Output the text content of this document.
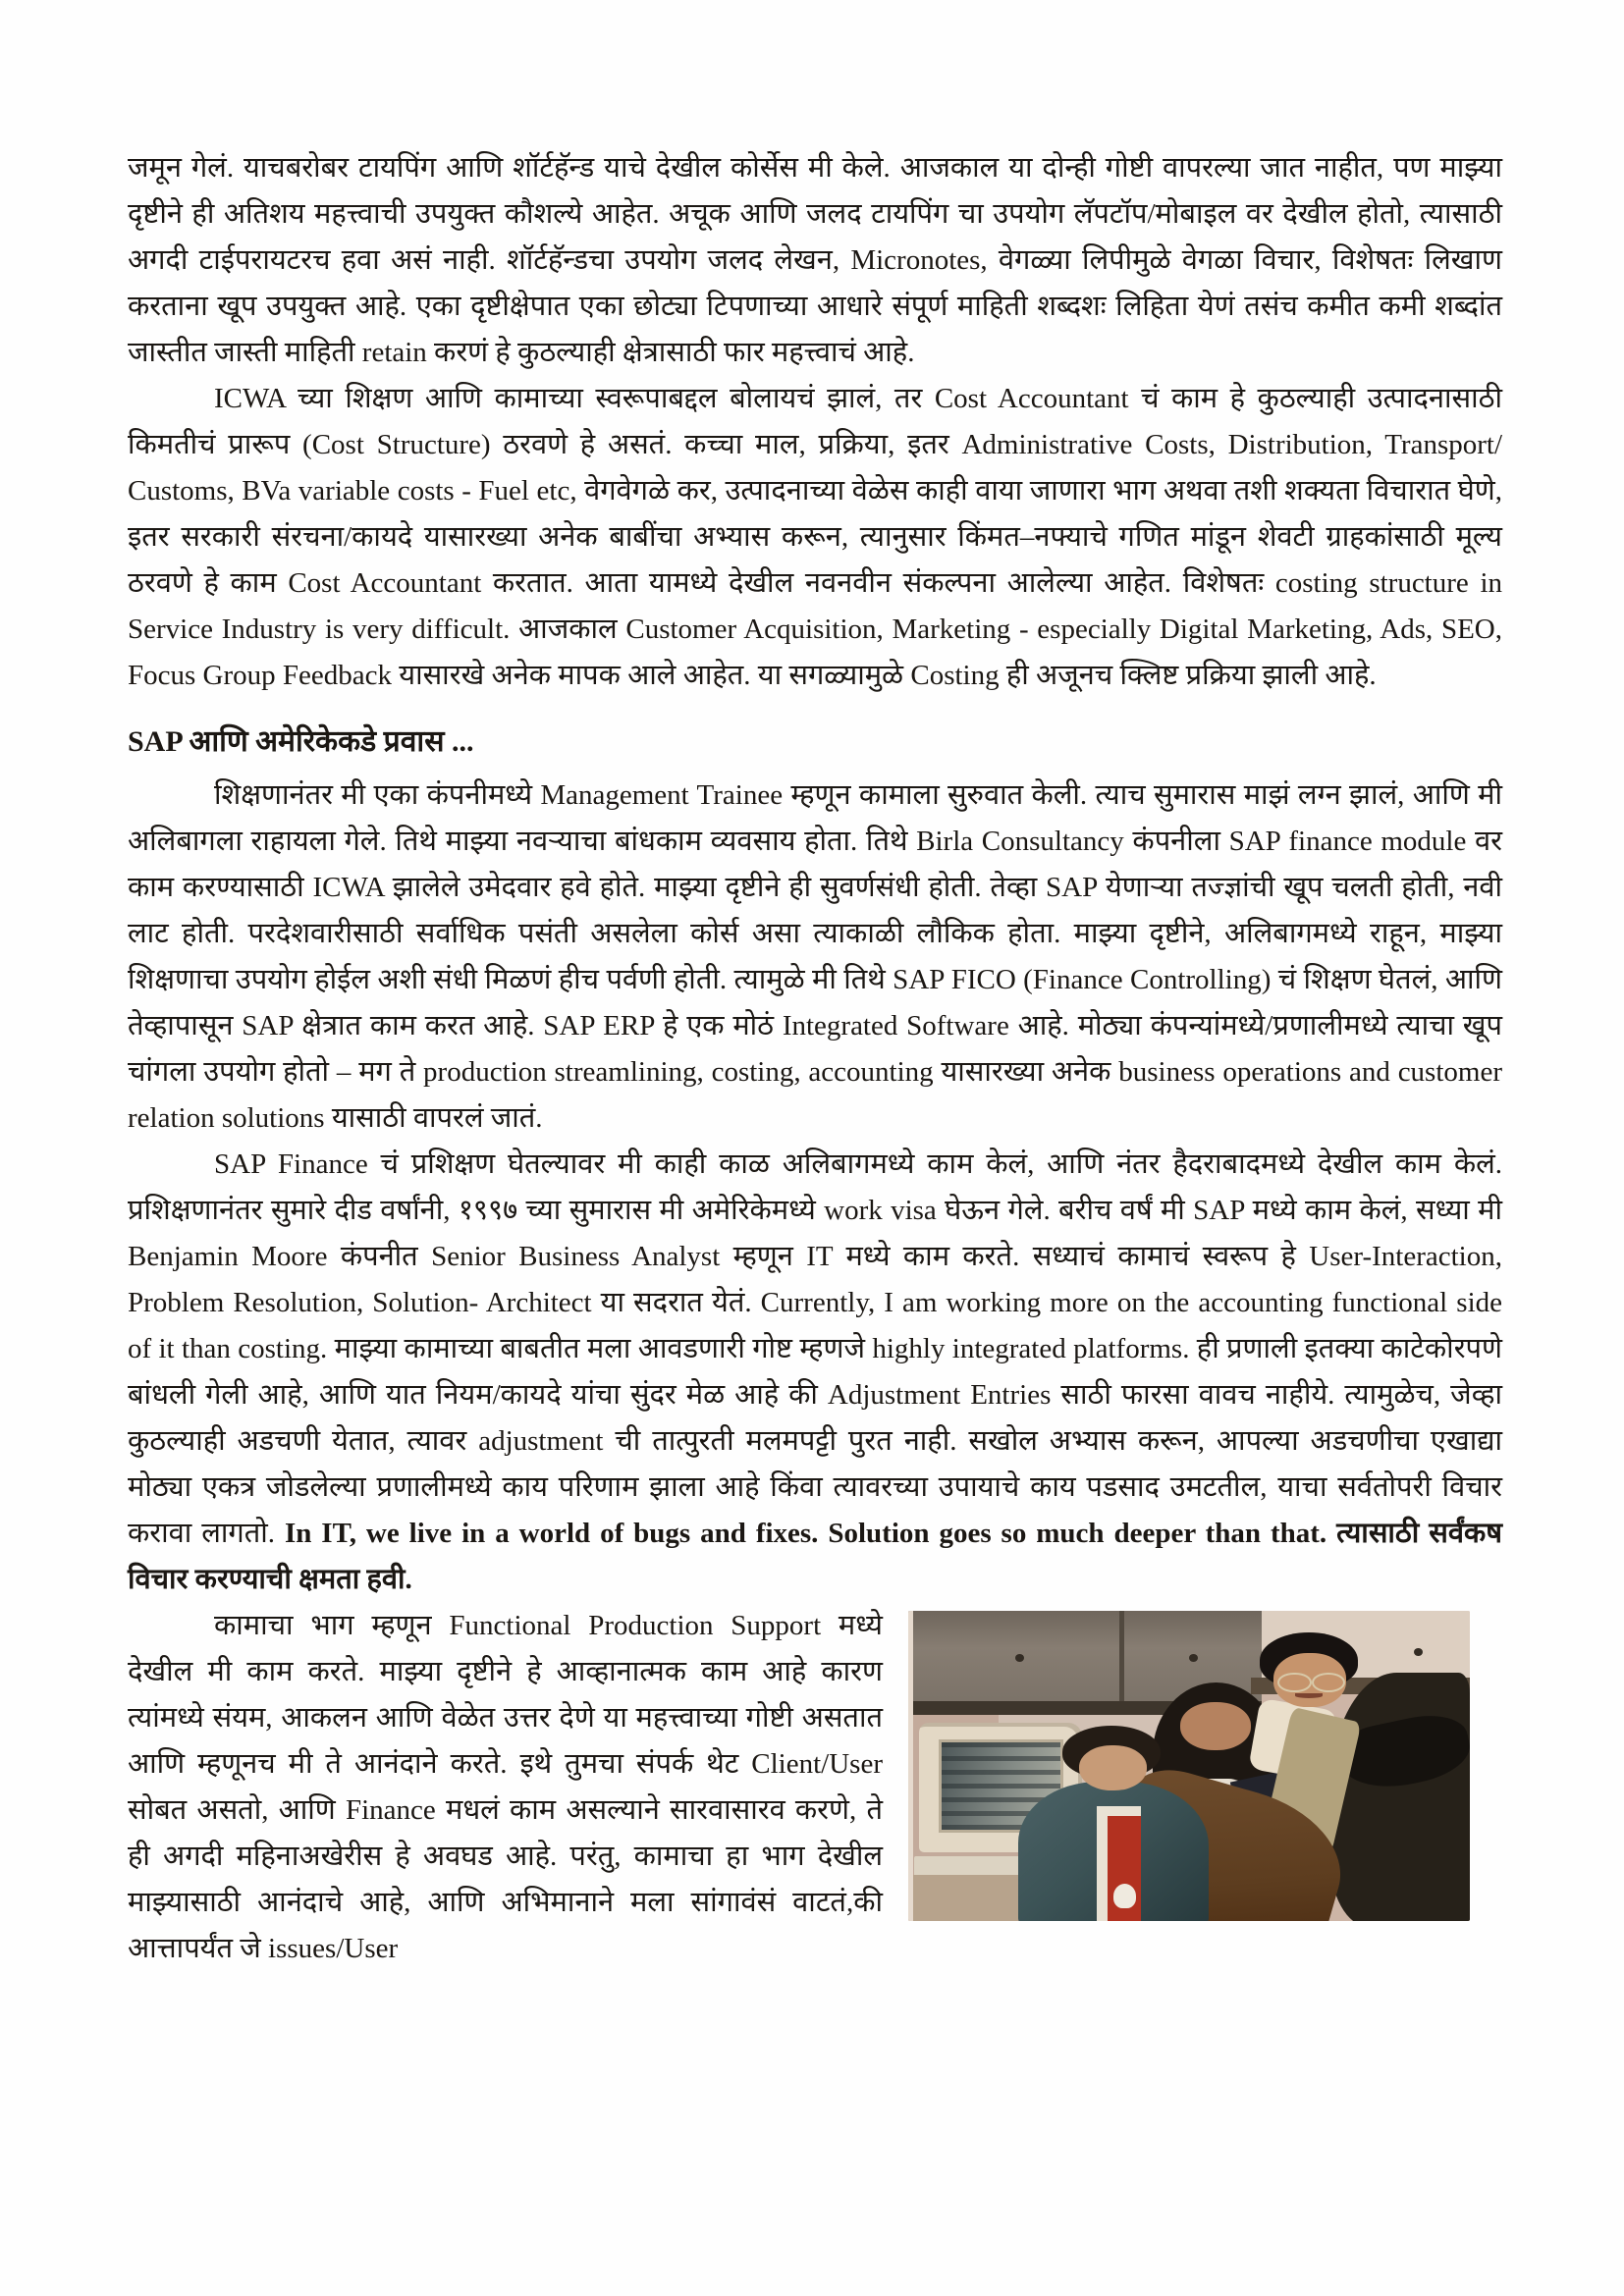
जमून गेलं. याचबरोबर टायपिंग आणि शॉर्टहॅन्ड याचे देखील कोर्सेस मी केले. आजकाल या दोन्ही गोष्टी वापरल्या जात नाहीत, पण माझ्या दृष्टीने ही अतिशय महत्त्वाची उपयुक्त कौशल्ये आहेत. अचूक आणि जलद टायपिंग चा उपयोग लॅपटॉप/मोबाइल वर देखील होतो, त्यासाठी अगदी टाईपरायटरच हवा असं नाही. शॉर्टहॅन्डचा उपयोग जलद लेखन, Micronotes, वेगळ्या लिपीमुळे वेगळा विचार, विशेषतः लिखाण करताना खूप उपयुक्त आहे. एका दृष्टीक्षेपात एका छोट्या टिपणाच्या आधारे संपूर्ण माहिती शब्दशः लिहिता येणं तसंच कमीत कमी शब्दांत जास्तीत जास्ती माहिती retain करणं हे कुठल्याही क्षेत्रासाठी फार महत्त्वाचं आहे.

ICWA च्या शिक्षण आणि कामाच्या स्वरूपाबद्दल बोलायचं झालं, तर Cost Accountant चं काम हे कुठल्याही उत्पादनासाठी किमतीचं प्रारूप (Cost Structure) ठरवणे हे असतं. कच्चा माल, प्रक्रिया, इतर Administrative Costs, Distribution, Transport/ Customs, BVa variable costs - Fuel etc, वेगवेगळे कर, उत्पादनाच्या वेळेस काही वाया जाणारा भाग अथवा तशी शक्यता विचारात घेणे, इतर सरकारी संरचना/कायदे यासारख्या अनेक बाबींचा अभ्यास करून, त्यानुसार किंमत–नफ्याचे गणित मांडून शेवटी ग्राहकांसाठी मूल्य ठरवणे हे काम Cost Accountant करतात. आता यामध्ये देखील नवनवीन संकल्पना आलेल्या आहेत. विशेषतः costing structure in Service Industry is very difficult. आजकाल Customer Acquisition, Marketing - especially Digital Marketing, Ads, SEO, Focus Group Feedback यासारखे अनेक मापक आले आहेत. या सगळ्यामुळे Costing ही अजूनच क्लिष्ट प्रक्रिया झाली आहे.

SAP आणि अमेरिकेकडे प्रवास ...

शिक्षणानंतर मी एका कंपनीमध्ये Management Trainee म्हणून कामाला सुरुवात केली. त्याच सुमारास माझं लग्न झालं, आणि मी अलिबागला राहायला गेले. तिथे माझ्या नवऱ्याचा बांधकाम व्यवसाय होता. तिथे Birla Consultancy कंपनीला SAP finance module वर काम करण्यासाठी ICWA झालेले उमेदवार हवे होते. माझ्या दृष्टीने ही सुवर्णसंधी होती. तेव्हा SAP येणाऱ्या तज्ज्ञांची खूप चलती होती, नवी लाट होती. परदेशवारीसाठी सर्वाधिक पसंती असलेला कोर्स असा त्याकाळी लौकिक होता. माझ्या दृष्टीने, अलिबागमध्ये राहून, माझ्या शिक्षणाचा उपयोग होईल अशी संधी मिळणं हीच पर्वणी होती. त्यामुळे मी तिथे SAP FICO (Finance Controlling) चं शिक्षण घेतलं, आणि तेव्हापासून SAP क्षेत्रात काम करत आहे. SAP ERP हे एक मोठं Integrated Software आहे. मोठ्या कंपन्यांमध्ये/प्रणालीमध्ये त्याचा खूप चांगला उपयोग होतो – मग ते production streamlining, costing, accounting यासारख्या अनेक business operations and customer relation solutions यासाठी वापरलं जातं.

SAP Finance चं प्रशिक्षण घेतल्यावर मी काही काळ अलिबागमध्ये काम केलं, आणि नंतर हैदराबादमध्ये देखील काम केलं. प्रशिक्षणानंतर सुमारे दीड वर्षांनी, १९९७ च्या सुमारास मी अमेरिकेमध्ये work visa घेऊन गेले. बरीच वर्षं मी SAP मध्ये काम केलं, सध्या मी Benjamin Moore कंपनीत Senior Business Analyst म्हणून IT मध्ये काम करते. सध्याचं कामाचं स्वरूप हे User-Interaction, Problem Resolution, Solution- Architect या सदरात येतं. Currently, I am working more on the accounting functional side of it than costing. माझ्या कामाच्या बाबतीत मला आवडणारी गोष्ट म्हणजे highly integrated platforms. ही प्रणाली इतक्या काटेकोरपणे बांधली गेली आहे, आणि यात नियम/कायदे यांचा सुंदर मेळ आहे की Adjustment Entries साठी फारसा वावच नाहीये. त्यामुळेच, जेव्हा कुठल्याही अडचणी येतात, त्यावर adjustment ची तात्पुरती मलमपट्टी पुरत नाही. सखोल अभ्यास करून, आपल्या अडचणीचा एखाद्या मोठ्या एकत्र जोडलेल्या प्रणालीमध्ये काय परिणाम झाला आहे किंवा त्यावरच्या उपायाचे काय पडसाद उमटतील, याचा सर्वतोपरी विचार करावा लागतो. In IT, we live in a world of bugs and fixes. Solution goes so much deeper than that. त्यासाठी सर्वंकष विचार करण्याची क्षमता हवी.

कामाचा भाग म्हणून Functional Production Support मध्ये देखील मी काम करते. माझ्या दृष्टीने हे आव्हानात्मक काम आहे कारण त्यांमध्ये संयम, आकलन आणि वेळेत उत्तर देणे या महत्त्वाच्या गोष्टी असतात आणि म्हणूनच मी ते आनंदाने करते. इथे तुमचा संपर्क थेट Client/User सोबत असतो, आणि Finance मधलं काम असल्याने सारवासारव करणे, ते ही अगदी महिनाअखेरीस हे अवघड आहे. परंतु, कामाचा हा भाग देखील माझ्यासाठी आनंदाचे आहे, आणि अभिमानाने मला सांगावंसं वाटतं,की आत्तापर्यंत जे issues/User
